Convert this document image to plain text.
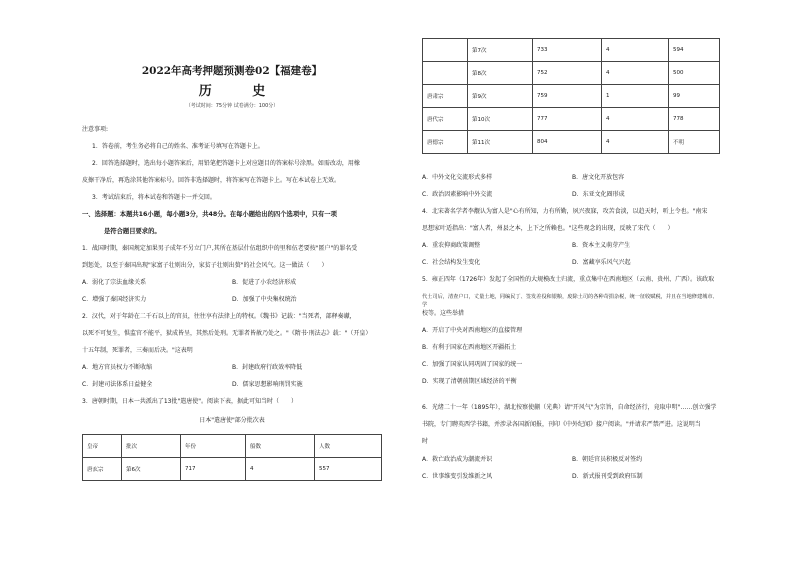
2022年高考押题预测卷02【福建卷】
历 史
（考试时间：75分钟 试卷满分：100分）
注意事项:
1．答卷前，考生务必将自己的姓名、准考证号填写在答题卡上。
2．回答选择题时，选出每小题答案后，用铅笔把答题卡上对应题目的答案标号涂黑。如需改动，用橡
皮擦干净后，再选涂其他答案标号。回答非选择题时，将答案写在答题卡上。写在本试卷上无效。
3．考试结束后，将本试卷和答题卡一并交回。
一、选择题：本题共16小题，每小题3分，共48分。在每小题给出的四个选项中，只有一项
是符合题目要求的。
1．战国时期，秦国规定加果男子成年不另立门户,其所在基层什伍组织中的里和伍老要按"匿户"的罪名受
到惩处，以至于秦国出现"家富子壮则出分，家贫子壮则出赘"的社会风气。这一做法（　　）
A．弱化了宗法血缘关系	B．促进了小农经济形成
C．增强了秦国经济实力	D．加强了中央集权统治
2．汉代，对于年龄在二千石以上的官员，往往享有法律上的特权。《魏书》记载："当死者，部释奏谳，
以死不可复生，惧监官不能平，狱成皆呈，其然后处刑。无罪者皆赦乃处之。"《隋书·刑法志》载："（开皇）
十五年制，死罪者，三奏而后决。"这表明
A．地方官员权力不断收缩	B．封建政府行政效率降低
C．封建司法体系日益健全	D．儒家思想影响刑罚实施
3．唐朝时期，日本一共派出了13批"遣唐使"。阅读下表，据此可知当时（　　）
日本"遣唐使"部分批次表
皇帝	批次	年份	船数	人数
唐玄宗	第6次	717	4	557
	第7次	733	4	594
	第8次	752	4	500
唐肃宗	第9次	759	1	99
唐代宗	第10次	777	4	778
唐德宗	第11次	804	4	不明
A．中外文化交流形式多样	B．唐文化开放包容
C．政治因素影响中外交流	D．东亚文化圈形成
4．北宋著名学者李觏认为富人是"心有所知，力有所勤，夙兴夜寐，攻苦食淡，以趋天时，听上令也。"南宋
思想家叶适指出："富人者，州县之本，上下之所赖也。"这些观念的出现，反映了宋代（　　）
A．重农抑商政策调整	B．资本主义萌芽产生
C．社会结构发生变化	D．富藏享乐风气兴起
5．雍正四年（1726年）发起了全国性的大规模改土归流，重点集中在西南地区（云南、贵州、广西）。该政取
代土司后，清查户口，丈量土地，同编民丁、签发差役和银粮，废除土司的各种苛捐杂税，统一征收赋税，并且在当地修建城市、学
校等。这些举措
A．开启了中央对西南地区的直接管理
B．有利于国家在西南地区开疆拓土
C．加强了国家认同巩固了国家的统一
D．实现了清朝前期区域经济的平衡
6．光绪二十一年（1895年），湖北按察使蒯（光典）请"开风气"为宗旨，自命经济行，竟取申明"……创立强学
书院，专门聘英西学书籍，并涉录各国新闻报，刊印《中外纪闻》接户阅读。"并请求严禁严进。这说明当
时
A．救亡政治成为潮流并识	B．朝廷官员积极反对签约
C．世事维变引发维新之风	D．新式报刊受到政府压制
